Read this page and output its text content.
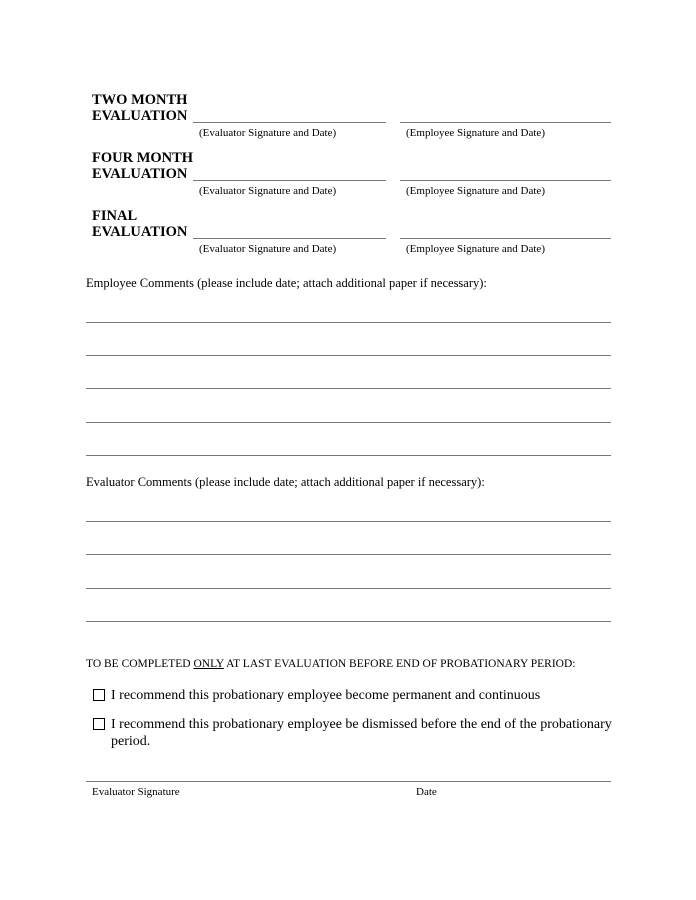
TWO MONTH
EVALUATION
(Evaluator Signature and Date)	(Employee Signature and Date)
FOUR MONTH
EVALUATION
(Evaluator Signature and Date)	(Employee Signature and Date)
FINAL
EVALUATION
(Evaluator Signature and Date)	(Employee Signature and Date)
Employee Comments (please include date; attach additional paper if necessary):
Evaluator Comments (please include date; attach additional paper if necessary):
TO BE COMPLETED ONLY AT LAST EVALUATION BEFORE END OF PROBATIONARY PERIOD:
I recommend this probationary employee become permanent and continuous
I recommend this probationary employee be dismissed before the end of the probationary period.
Evaluator Signature	Date
